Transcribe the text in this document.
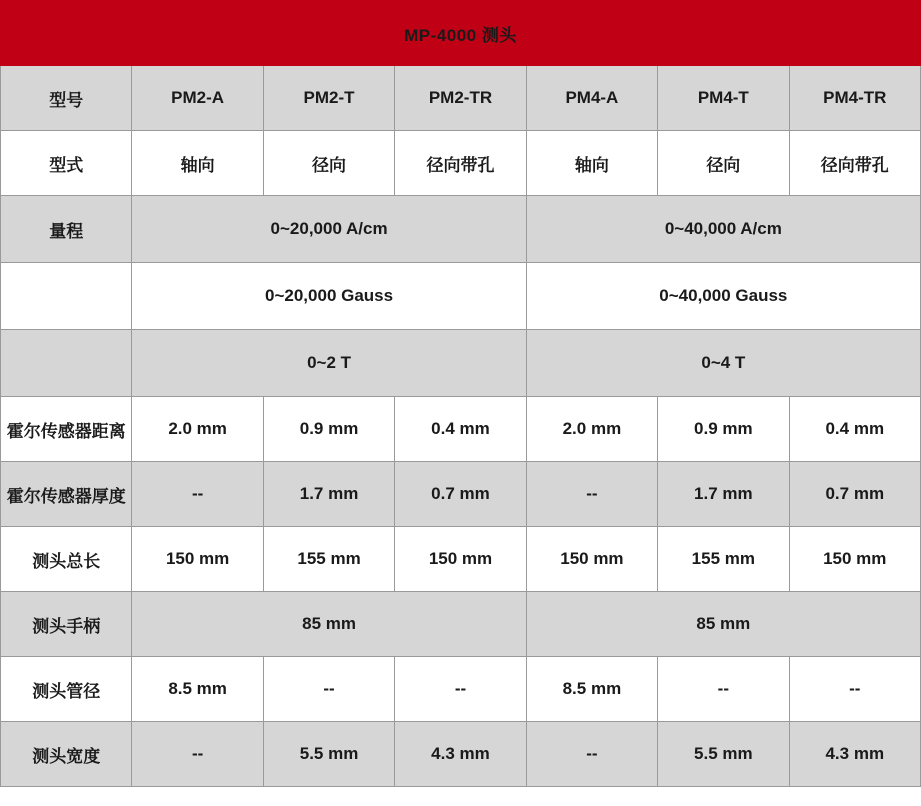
MP-4000 测头						
型号	PM2-A	PM2-T	PM2-TR	PM4-A	PM4-T	PM4-TR
型式	轴向	径向	径向带孔	轴向	径向	径向带孔
量程	0~20,000 A/cm			0~40,000 A/cm		
	0~20,000 Gauss			0~40,000 Gauss		
	0~2 T			0~4 T		
霍尔传感器距离	2.0 mm	0.9 mm	0.4 mm	2.0 mm	0.9 mm	0.4 mm
霍尔传感器厚度	--	1.7 mm	0.7 mm	--	1.7 mm	0.7 mm
测头总长	150 mm	155 mm	150 mm	150 mm	155 mm	150 mm
测头手柄	85 mm			85 mm		
测头管径	8.5 mm	--	--	8.5 mm	--	--
测头宽度	--	5.5 mm	4.3 mm	--	5.5 mm	4.3 mm
